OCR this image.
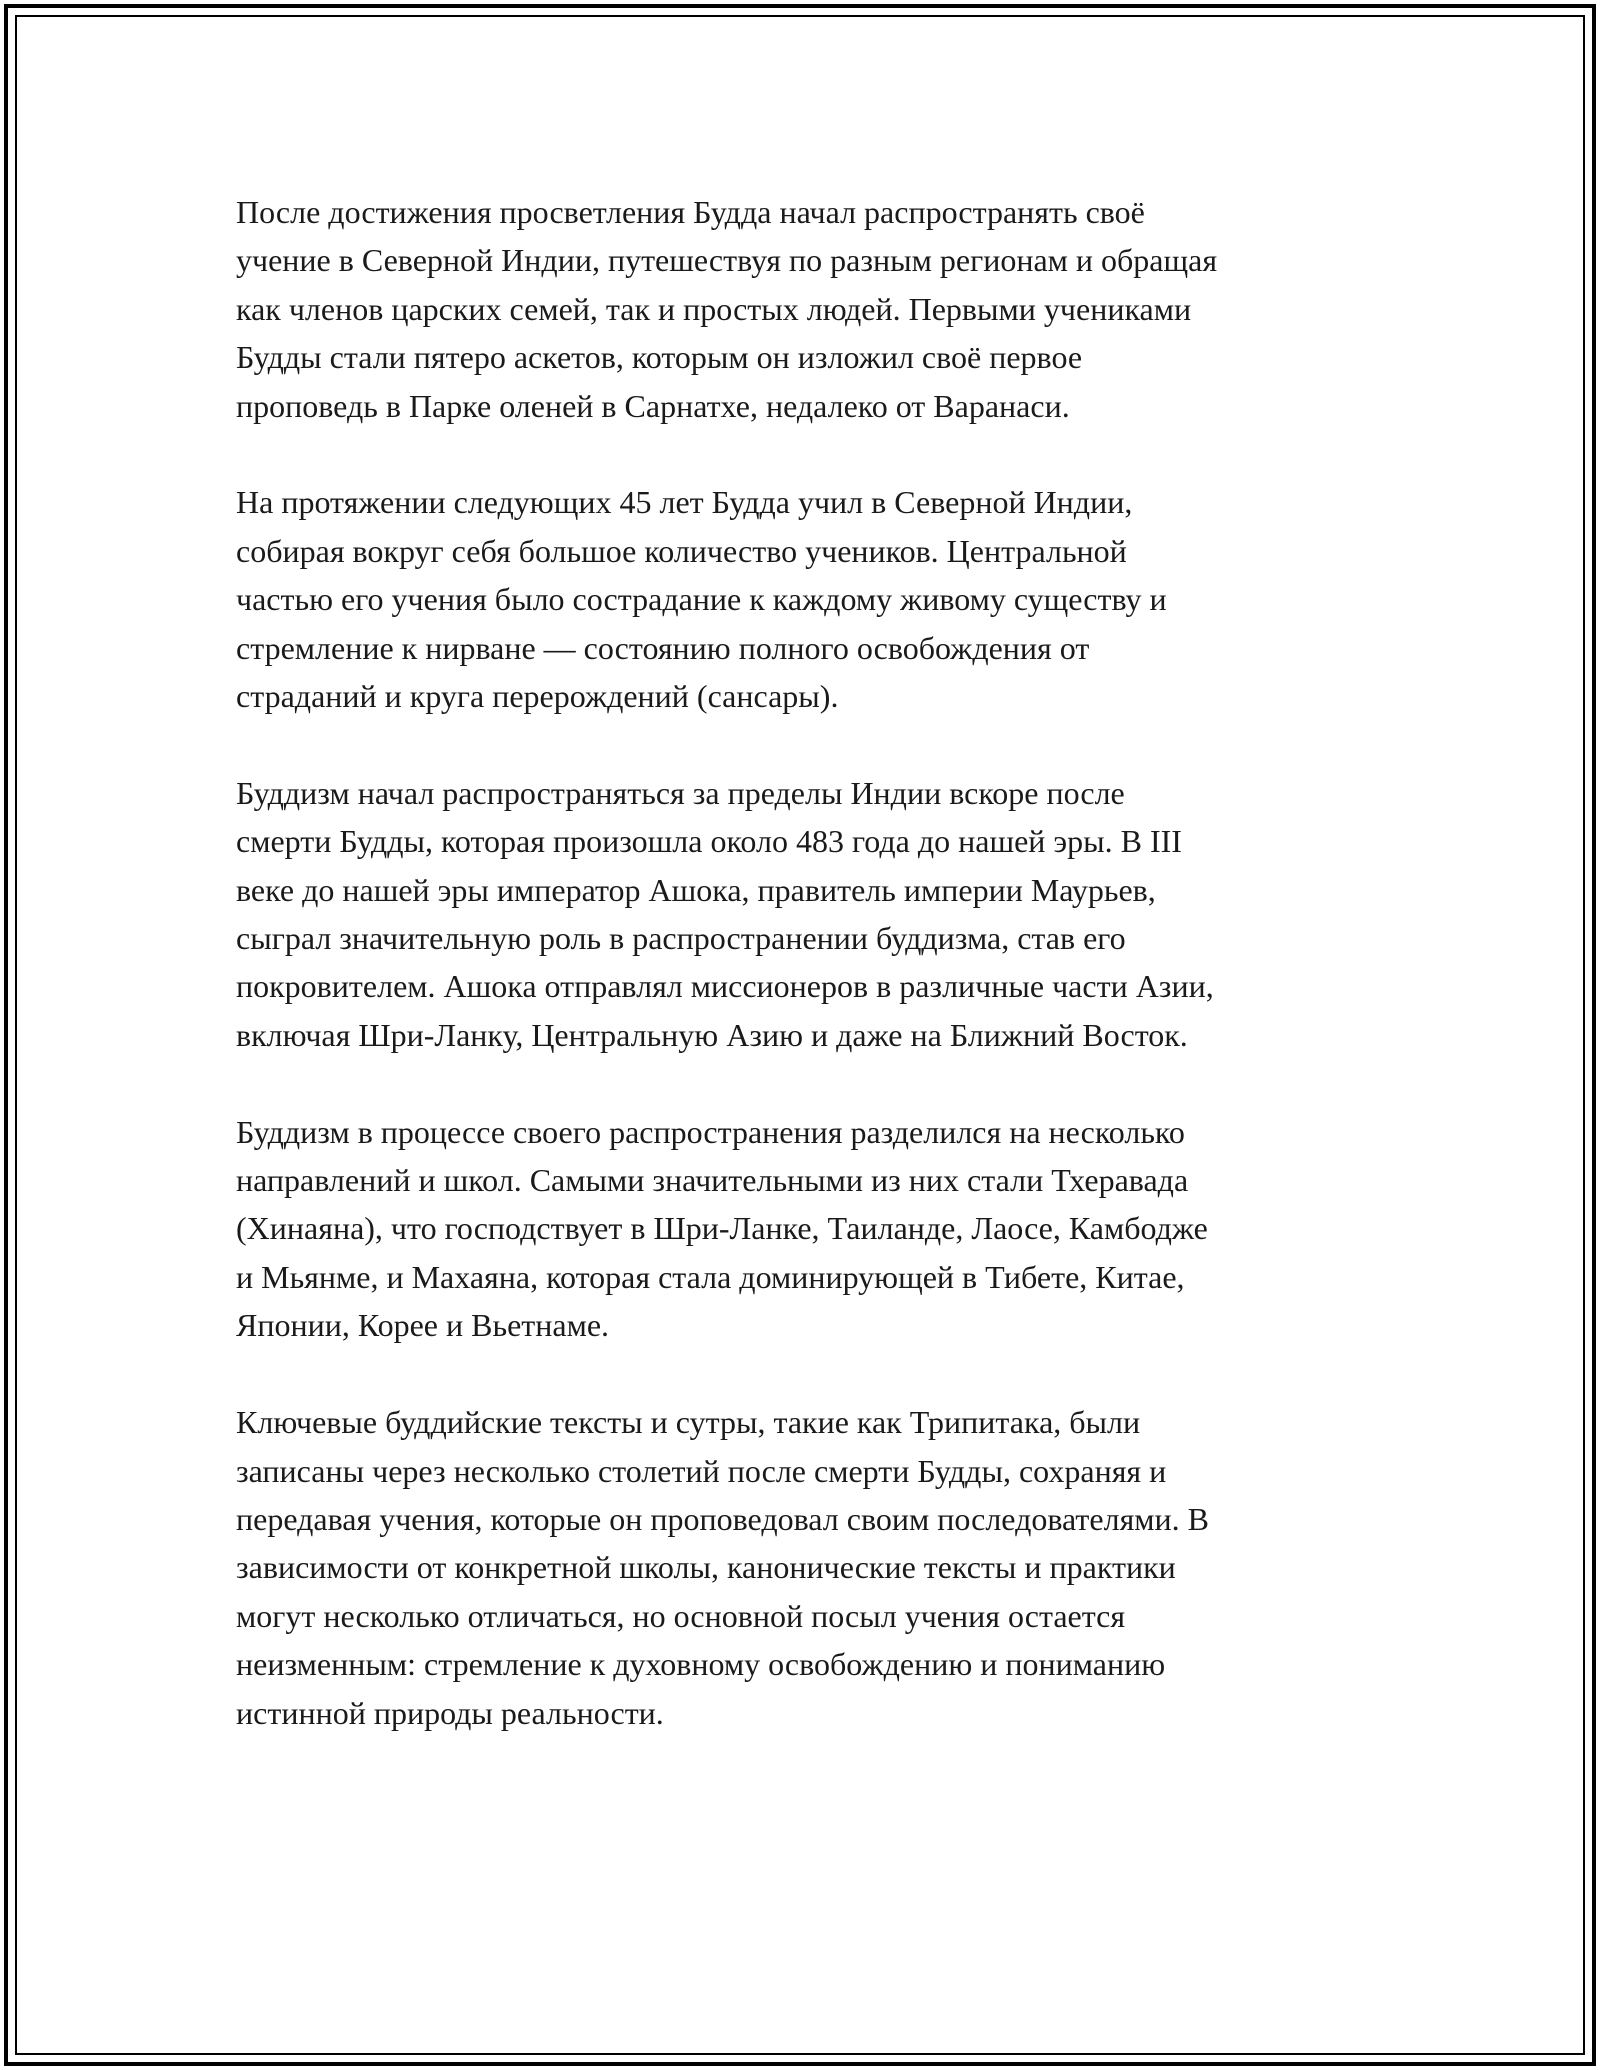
После достижения просветления Будда начал распространять своё
учение в Северной Индии, путешествуя по разным регионам и обращая
как членов царских семей, так и простых людей. Первыми учениками
Будды стали пятеро аскетов, которым он изложил своё первое
проповедь в Парке оленей в Сарнатхе, недалеко от Варанаси.

На протяжении следующих 45 лет Будда учил в Северной Индии,
собирая вокруг себя большое количество учеников. Центральной
частью его учения было сострадание к каждому живому существу и
стремление к нирване — состоянию полного освобождения от
страданий и круга перерождений (сансары).

Буддизм начал распространяться за пределы Индии вскоре после
смерти Будды, которая произошла около 483 года до нашей эры. В III
веке до нашей эры император Ашока, правитель империи Маурьев,
сыграл значительную роль в распространении буддизма, став его
покровителем. Ашока отправлял миссионеров в различные части Азии,
включая Шри-Ланку, Центральную Азию и даже на Ближний Восток.

Буддизм в процессе своего распространения разделился на несколько
направлений и школ. Самыми значительными из них стали Тхеравада
(Хинаяна), что господствует в Шри-Ланке, Таиланде, Лаосе, Камбодже
и Мьянме, и Махаяна, которая стала доминирующей в Тибете, Китае,
Японии, Корее и Вьетнаме.

Ключевые буддийские тексты и сутры, такие как Трипитака, были
записаны через несколько столетий после смерти Будды, сохраняя и
передавая учения, которые он проповедовал своим последователями. В
зависимости от конкретной школы, канонические тексты и практики
могут несколько отличаться, но основной посыл учения остается
неизменным: стремление к духовному освобождению и пониманию
истинной природы реальности.
